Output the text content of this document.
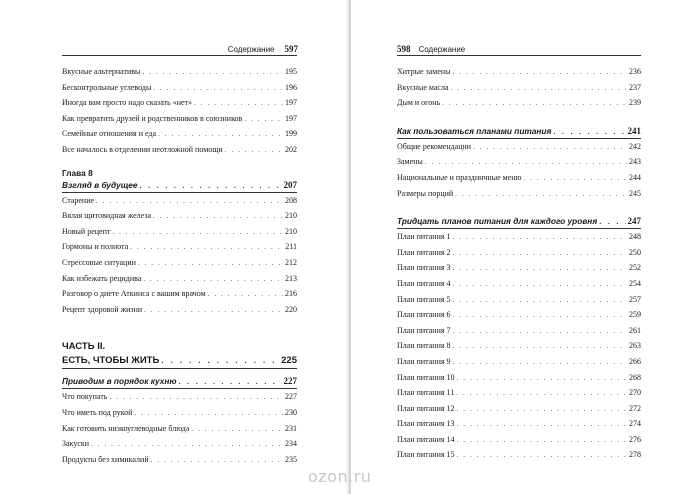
Содержание 597
Вкусные альтернативы . . .	195
Бесконтрольные углеводы . . .	196
Иногда вам просто надо сказать «нет» . . .	197
Как превратить друзей и родственников в союзников . . .	197
Семейные отношения и еда . . .	199
Все началось в отделении неотложной помощи . . .	202
Глава 8
Взгляд в будущее . . .	207
Старение . . .	208
Вялая щитовидная железа . . .	210
Новый рецепт . . .	210
Гормоны и полнота . . .	211
Стрессовые ситуации . . .	212
Как избежать рецидива . . .	213
Разговор о диете Аткинса с вашим врачом . . .	216
Рецепт здоровой жизни . . .	220
ЧАСТЬ II.
ЕСТЬ, ЧТОБЫ ЖИТЬ . . .	225
Приводим в порядок кухню . . .	227
Что покупать . . .	227
Что иметь под рукой . . .	230
Как готовить низкоуглеводные блюда . . .	231
Закуски . . .	234
Продукты без химикалий . . .	235
598 Содержание
Хитрые замены . . .	236
Вкусные масла . . .	237
Дым и огонь . . .	239
Как пользоваться планами питания . . .	241
Общие рекомендации . . .	242
Замены . . .	243
Национальные и праздничные меню . . .	244
Размеры порций . . .	245
Тридцать планов питания для каждого уровня . . .	247
План питания 1 . . .	248
План питания 2 . . .	250
План питания 3 . . .	252
План питания 4 . . .	254
План питания 5 . . .	257
План питания 6 . . .	259
План питания 7 . . .	261
План питания 8 . . .	263
План питания 9 . . .	266
План питания 10 . . .	268
План питания 11 . . .	270
План питания 12 . . .	272
План питания 13 . . .	274
План питания 14 . . .	276
План питания 15 . . .	278
ozon.ru
